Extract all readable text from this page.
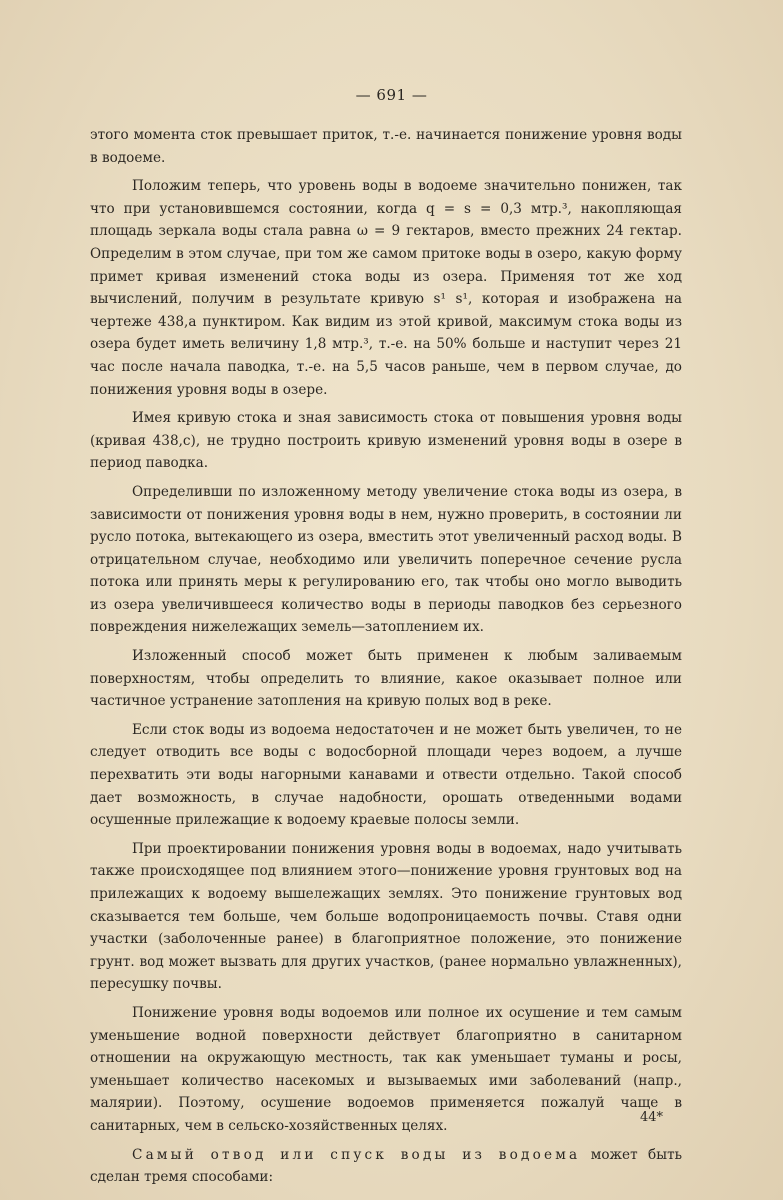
— 691 —

этого момента сток превышает приток, т.-е. начинается понижение уровня воды в водоеме.

Положим теперь, что уровень воды в водоеме значительно понижен, так что при установившемся состоянии, когда q = s = 0,3 мтр.³, накопляющая площадь зеркала воды стала равна ω = 9 гектаров, вместо прежних 24 гектар. Определим в этом случае, при том же самом притоке воды в озеро, какую форму примет кривая изменений стока воды из озера. Применяя тот же ход вычислений, получим в результате кривую s¹ s¹, которая и изображена на чертеже 438,a пунктиром. Как видим из этой кривой, максимум стока воды из озера будет иметь величину 1,8 мтр.³, т.-е. на 50% больше и наступит через 21 час после начала паводка, т.-е. на 5,5 часов раньше, чем в первом случае, до понижения уровня воды в озере.

Имея кривую стока и зная зависимость стока от повышения уровня воды (кривая 438,c), не трудно построить кривую изменений уровня воды в озере в период паводка.

Определивши по изложенному методу увеличение стока воды из озера, в зависимости от понижения уровня воды в нем, нужно проверить, в состоянии ли русло потока, вытекающего из озера, вместить этот увеличенный расход воды. В отрицательном случае, необходимо или увеличить поперечное сечение русла потока или принять меры к регулированию его, так чтобы оно могло выводить из озера увеличившееся количество воды в периоды паводков без серьезного повреждения нижележащих земель—затоплением их.

Изложенный способ может быть применен к любым заливаемым поверхностям, чтобы определить то влияние, какое оказывает полное или частичное устранение затопления на кривую полых вод в реке.

Если сток воды из водоема недостаточен и не может быть увеличен, то не следует отводить все воды с водосборной площади через водоем, а лучше перехватить эти воды нагорными канавами и отвести отдельно. Такой способ дает возможность, в случае надобности, орошать отведенными водами осушенные прилежащие к водоему краевые полосы земли.

При проектировании понижения уровня воды в водоемах, надо учитывать также происходящее под влиянием этого—понижение уровня грунтовых вод на прилежащих к водоему вышележащих землях. Это понижение грунтовых вод сказывается тем больше, чем больше водопроницаемость почвы. Ставя одни участки (заболоченные ранее) в благоприятное положение, это понижение грунт. вод может вызвать для других участков, (ранее нормально увлажненных), пересушку почвы.

Понижение уровня воды водоемов или полное их осушение и тем самым уменьшение водной поверхности действует благоприятно в санитарном отношении на окружающую местность, так как уменьшает туманы и росы, уменьшает количество насекомых и вызываемых ими заболеваний (напр., малярии). Поэтому, осушение водоемов применяется пожалуй чаще в санитарных, чем в сельско-хозяйственных целях.

Самый отвод или спуск воды из водоема может быть сделан тремя способами:

44*
